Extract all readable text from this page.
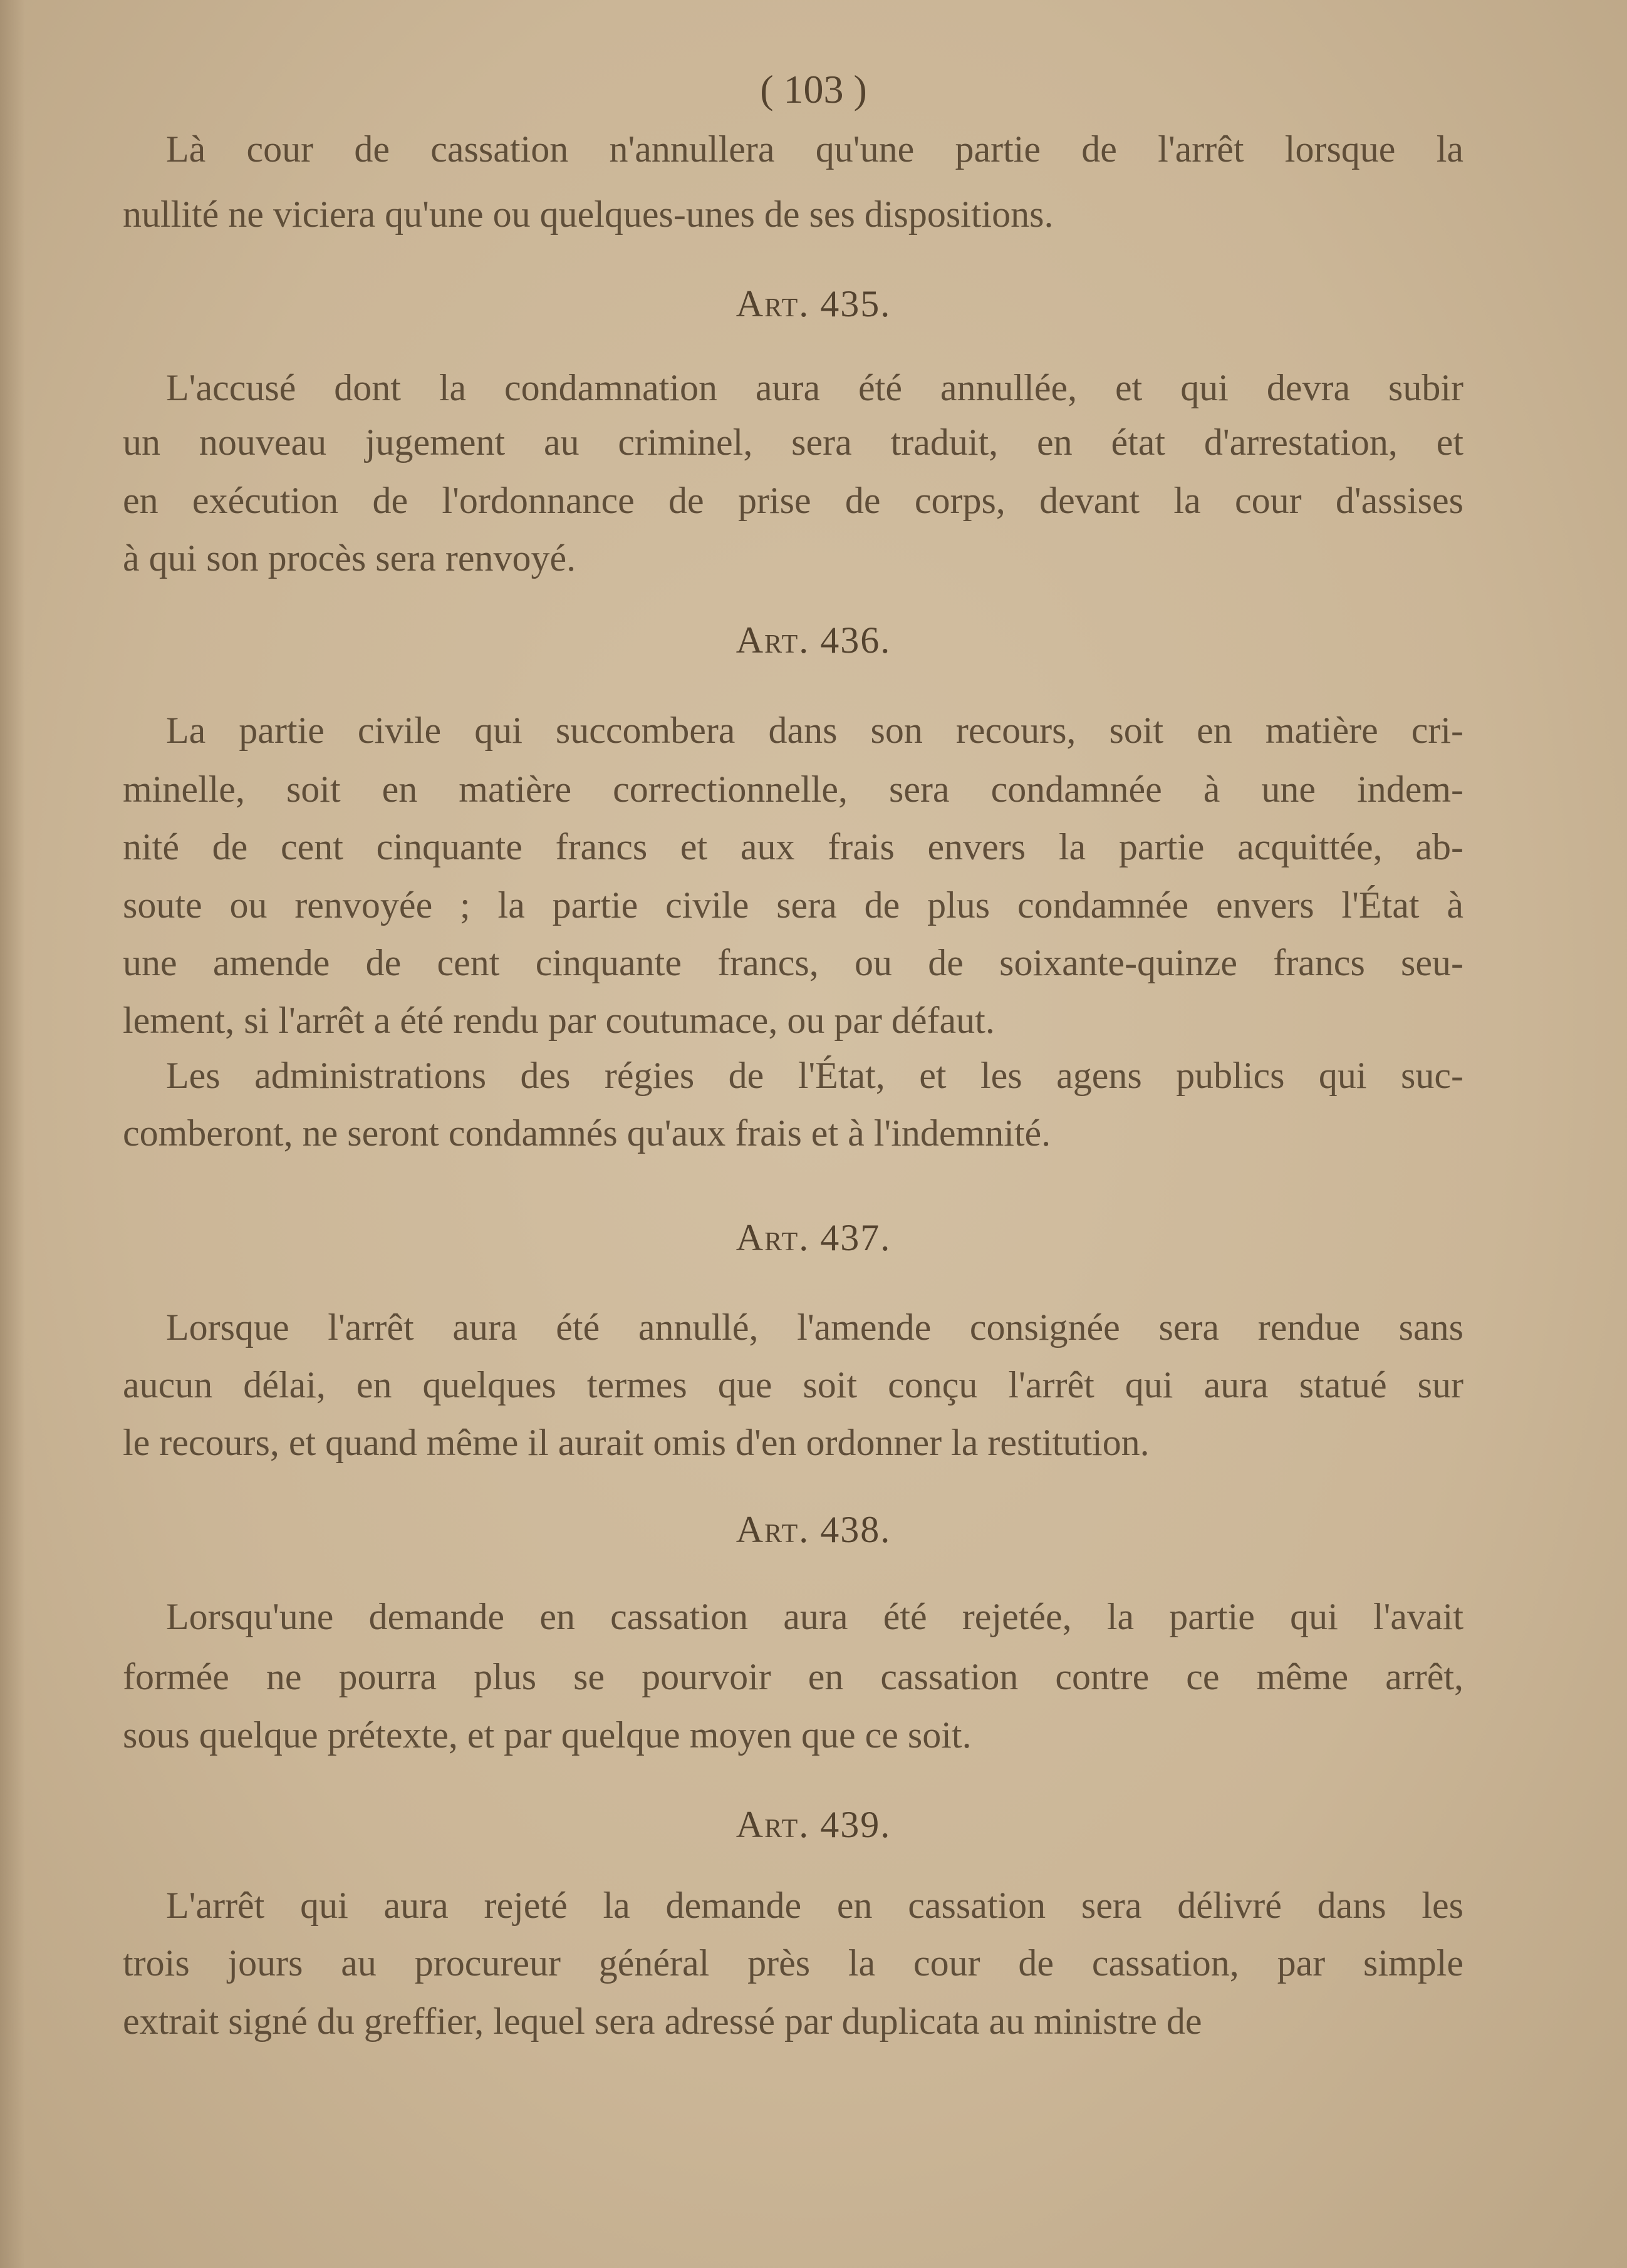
( 103 )
Là cour de cassation n'annullera qu'une partie de l'arrêt lorsque la
nullité ne viciera qu'une ou quelques-unes de ses dispositions.
Art. 435.
L'accusé dont la condamnation aura été annullée, et qui devra subir
un nouveau jugement au criminel, sera traduit, en état d'arrestation, et
en exécution de l'ordonnance de prise de corps, devant la cour d'assises
à qui son procès sera renvoyé.
Art. 436.
La partie civile qui succombera dans son recours, soit en matière cri-
minelle, soit en matière correctionnelle, sera condamnée à une indem-
nité de cent cinquante francs et aux frais envers la partie acquittée, ab-
soute ou renvoyée ; la partie civile sera de plus condamnée envers l'État à
une amende de cent cinquante francs, ou de soixante-quinze francs seu-
lement, si l'arrêt a été rendu par coutumace, ou par défaut.
Les administrations des régies de l'État, et les agens publics qui suc-
comberont, ne seront condamnés qu'aux frais et à l'indemnité.
Art. 437.
Lorsque l'arrêt aura été annullé, l'amende consignée sera rendue sans
aucun délai, en quelques termes que soit conçu l'arrêt qui aura statué sur
le recours, et quand même il aurait omis d'en ordonner la restitution.
Art. 438.
Lorsqu'une demande en cassation aura été rejetée, la partie qui l'avait
formée ne pourra plus se pourvoir en cassation contre ce même arrêt,
sous quelque prétexte, et par quelque moyen que ce soit.
Art. 439.
L'arrêt qui aura rejeté la demande en cassation sera délivré dans les
trois jours au procureur général près la cour de cassation, par simple
extrait signé du greffier, lequel sera adressé par duplicata au ministre de
